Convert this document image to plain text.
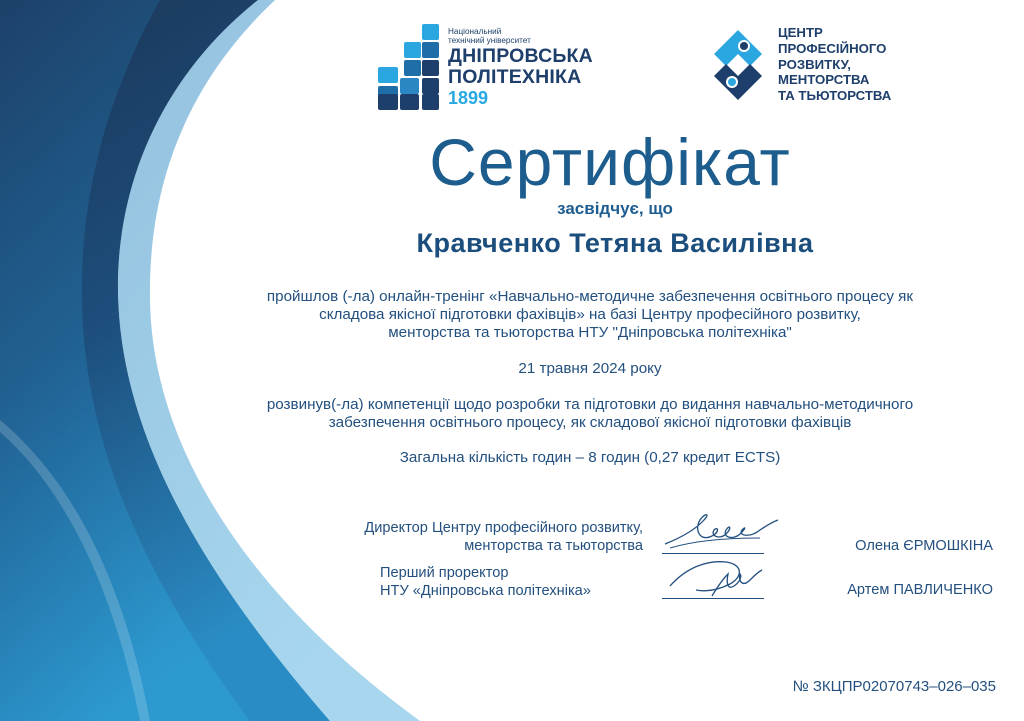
Національний
технічний університет
ДНІПРОВСЬКА
ПОЛІТЕХНІКА
1899
ЦЕНТР
ПРОФЕСІЙНОГО
РОЗВИТКУ,
МЕНТОРСТВА
ТА ТЬЮТОРСТВА
Сертифікат
засвідчує, що
Кравченко Тетяна Василівна
пройшлов (-ла) онлайн-тренінг «Навчально-методичне забезпечення освітнього процесу як
складова якісної підготовки фахівців» на базі Центру професійного розвитку,
менторства та тьюторства НТУ "Дніпровська політехніка"
21 травня 2024 року
розвинув(-ла) компетенції щодо розробки та підготовки до видання навчально-методичного
забезпечення освітнього процесу, як складової якісної підготовки фахівців
Загальна кількість годин – 8 годин (0,27 кредит ECTS)
Директор Центру професійного розвитку,
менторства та тьюторства	Олена ЄРМОШКІНА
Перший проректор
НТУ «Дніпровська політехніка»	Артем ПАВЛИЧЕНКО
№ ЗКЦПР02070743–026–035
